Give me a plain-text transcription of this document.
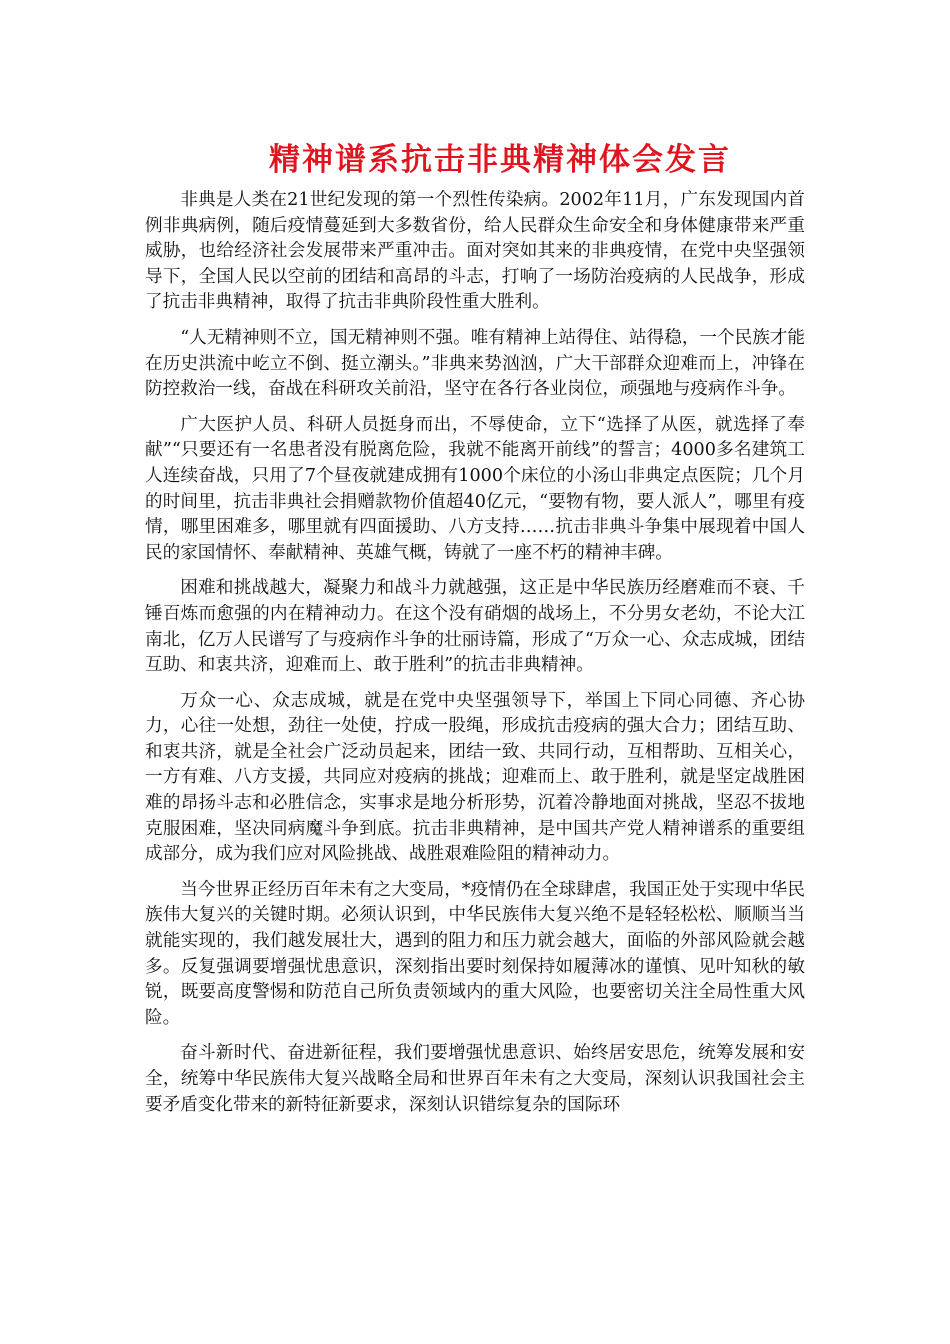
精神谱系抗击非典精神体会发言

非典是人类在21世纪发现的第一个烈性传染病。2002年11月，广东发现国内首例非典病例，随后疫情蔓延到大多数省份，给人民群众生命安全和身体健康带来严重威胁，也给经济社会发展带来严重冲击。面对突如其来的非典疫情，在党中央坚强领导下，全国人民以空前的团结和高昂的斗志，打响了一场防治疫病的人民战争，形成了抗击非典精神，取得了抗击非典阶段性重大胜利。

“人无精神则不立，国无精神则不强。唯有精神上站得住、站得稳，一个民族才能在历史洪流中屹立不倒、挺立潮头。”非典来势汹汹，广大干部群众迎难而上，冲锋在防控救治一线，奋战在科研攻关前沿，坚守在各行各业岗位，顽强地与疫病作斗争。

广大医护人员、科研人员挺身而出，不辱使命，立下“选择了从医，就选择了奉献”“只要还有一名患者没有脱离危险，我就不能离开前线”的誓言；4000多名建筑工人连续奋战，只用了7个昼夜就建成拥有1000个床位的小汤山非典定点医院；几个月的时间里，抗击非典社会捐赠款物价值超40亿元，“要物有物，要人派人”，哪里有疫情，哪里困难多，哪里就有四面援助、八方支持……抗击非典斗争集中展现着中国人民的家国情怀、奉献精神、英雄气概，铸就了一座不朽的精神丰碑。

困难和挑战越大，凝聚力和战斗力就越强，这正是中华民族历经磨难而不衰、千锤百炼而愈强的内在精神动力。在这个没有硝烟的战场上，不分男女老幼，不论大江南北，亿万人民谱写了与疫病作斗争的壮丽诗篇，形成了“万众一心、众志成城，团结互助、和衷共济，迎难而上、敢于胜利”的抗击非典精神。

万众一心、众志成城，就是在党中央坚强领导下，举国上下同心同德、齐心协力，心往一处想，劲往一处使，拧成一股绳，形成抗击疫病的强大合力；团结互助、和衷共济，就是全社会广泛动员起来，团结一致、共同行动，互相帮助、互相关心，一方有难、八方支援，共同应对疫病的挑战；迎难而上、敢于胜利，就是坚定战胜困难的昂扬斗志和必胜信念，实事求是地分析形势，沉着冷静地面对挑战，坚忍不拔地克服困难，坚决同病魔斗争到底。抗击非典精神，是中国共产党人精神谱系的重要组成部分，成为我们应对风险挑战、战胜艰难险阻的精神动力。

当今世界正经历百年未有之大变局，*疫情仍在全球肆虐，我国正处于实现中华民族伟大复兴的关键时期。必须认识到，中华民族伟大复兴绝不是轻轻松松、顺顺当当就能实现的，我们越发展壮大，遇到的阻力和压力就会越大，面临的外部风险就会越多。反复强调要增强忧患意识，深刻指出要时刻保持如履薄冰的谨慎、见叶知秋的敏锐，既要高度警惕和防范自己所负责领域内的重大风险，也要密切关注全局性重大风险。

奋斗新时代、奋进新征程，我们要增强忧患意识、始终居安思危，统筹发展和安全，统筹中华民族伟大复兴战略全局和世界百年未有之大变局，深刻认识我国社会主要矛盾变化带来的新特征新要求，深刻认识错综复杂的国际环
